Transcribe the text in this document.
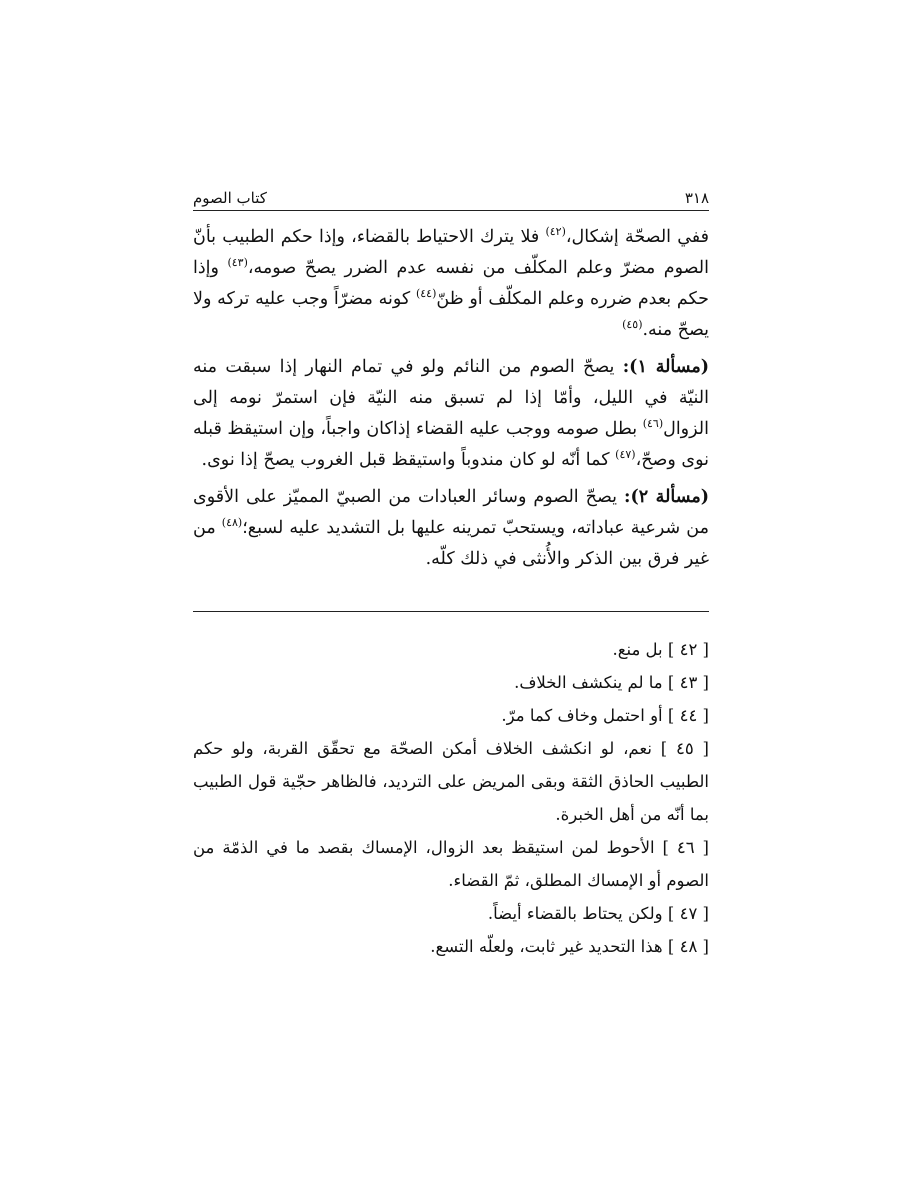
كتاب الصوم	٣١٨

ففي الصحّة إشكال،$^{(٤٢)}$ فلا يترك الاحتياط بالقضاء، وإذا حكم الطبيب بأنّ الصوم مضرّ وعلم المكلّف من نفسه عدم الضرر يصحّ صومه،$^{(٤٣)}$ وإذا حكم بعدم ضرره وعلم المكلّف أو ظنّ$^{(٤٤)}$ كونه مضرّاً وجب عليه تركه ولا يصحّ منه.$^{(٤٥)}$

(مسألة ١): يصحّ الصوم من النائم ولو في تمام النهار إذا سبقت منه النيّة في الليل، وأمّا إذا لم تسبق منه النيّة فإن استمرّ نومه إلى الزوال$^{(٤٦)}$ بطل صومه ووجب عليه القضاء إذاكان واجباً، وإن استيقظ قبله نوى وصحّ،$^{(٤٧)}$ كما أنّه لو كان مندوباً واستيقظ قبل الغروب يصحّ إذا نوى.

(مسألة ٢): يصحّ الصوم وسائر العبادات من الصبيّ المميّز على الأقوى من شرعية عباداته، ويستحبّ تمرينه عليها بل التشديد عليه لسبع؛$^{(٤٨)}$ من غير فرق بين الذكر والأُنثى في ذلك كلّه.

[ ٤٢ ] بل منع.

[ ٤٣ ] ما لم ينكشف الخلاف.

[ ٤٤ ] أو احتمل وخاف كما مرّ.

[ ٤٥ ] نعم، لو انكشف الخلاف أمكن الصحّة مع تحقّق القربة، ولو حكم الطبيب الحاذق الثقة وبقى المريض على الترديد، فالظاهر حجّية قول الطبيب بما أنّه من أهل الخبرة.

[ ٤٦ ] الأحوط لمن استيقظ بعد الزوال، الإمساك بقصد ما في الذمّة من الصوم أو الإمساك المطلق، ثمّ القضاء.

[ ٤٧ ] ولكن يحتاط بالقضاء أيضاً.

[ ٤٨ ] هذا التحديد غير ثابت، ولعلّه التسع.
